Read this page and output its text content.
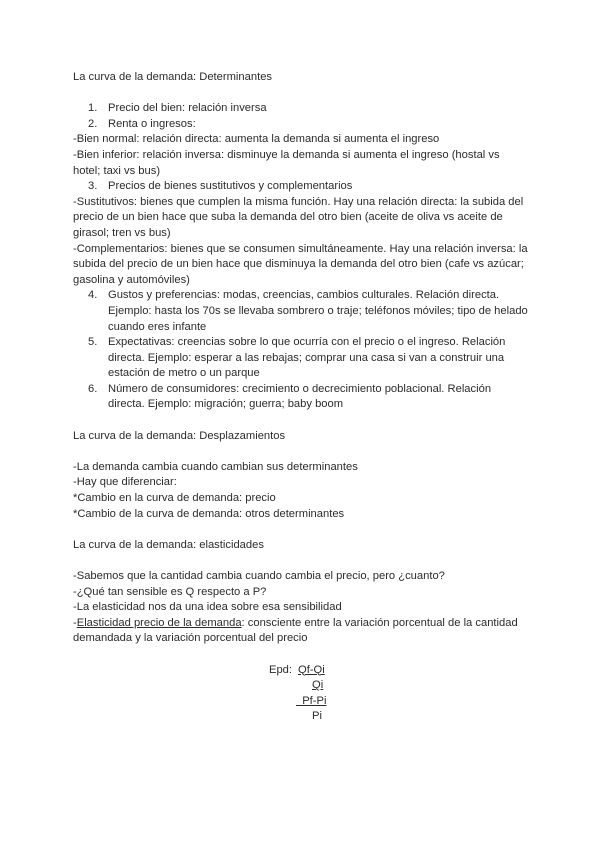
La curva de la demanda: Determinantes

1. Precio del bien: relación inversa
2. Renta o ingresos:
-Bien normal: relación directa: aumenta la demanda si aumenta el ingreso
-Bien inferior: relación inversa: disminuye la demanda si aumenta el ingreso (hostal vs hotel; taxi vs bus)
3. Precios de bienes sustitutivos y complementarios
-Sustitutivos: bienes que cumplen la misma función. Hay una relación directa: la subida del precio de un bien hace que suba la demanda del otro bien (aceite de oliva vs aceite de girasol; tren vs bus)
-Complementarios: bienes que se consumen simultáneamente. Hay una relación inversa: la subida del precio de un bien hace que disminuya la demanda del otro bien (cafe vs azúcar; gasolina y automóviles)
4. Gustos y preferencias: modas, creencias, cambios culturales. Relación directa. Ejemplo: hasta los 70s se llevaba sombrero o traje; teléfonos móviles; tipo de helado cuando eres infante
5. Expectativas: creencias sobre lo que ocurría con el precio o el ingreso. Relación directa. Ejemplo: esperar a las rebajas; comprar una casa si van a construir una estación de metro o un parque
6. Número de consumidores: crecimiento o decrecimiento poblacional. Relación directa. Ejemplo: migración; guerra; baby boom

La curva de la demanda: Desplazamientos

-La demanda cambia cuando cambian sus determinantes
-Hay que diferenciar:
*Cambio en la curva de demanda: precio
*Cambio de la curva de demanda: otros determinantes

La curva de la demanda: elasticidades

-Sabemos que la cantidad cambia cuando cambia el precio, pero ¿cuanto?
-¿Qué tan sensible es Q respecto a P?
-La elasticidad nos da una idea sobre esa sensibilidad
-Elasticidad precio de la demanda: consciente entre la variación porcentual de la cantidad demandada y la variación porcentual del precio
Epd: Qf-Qi
Qi
Pf-Pi
Pi
